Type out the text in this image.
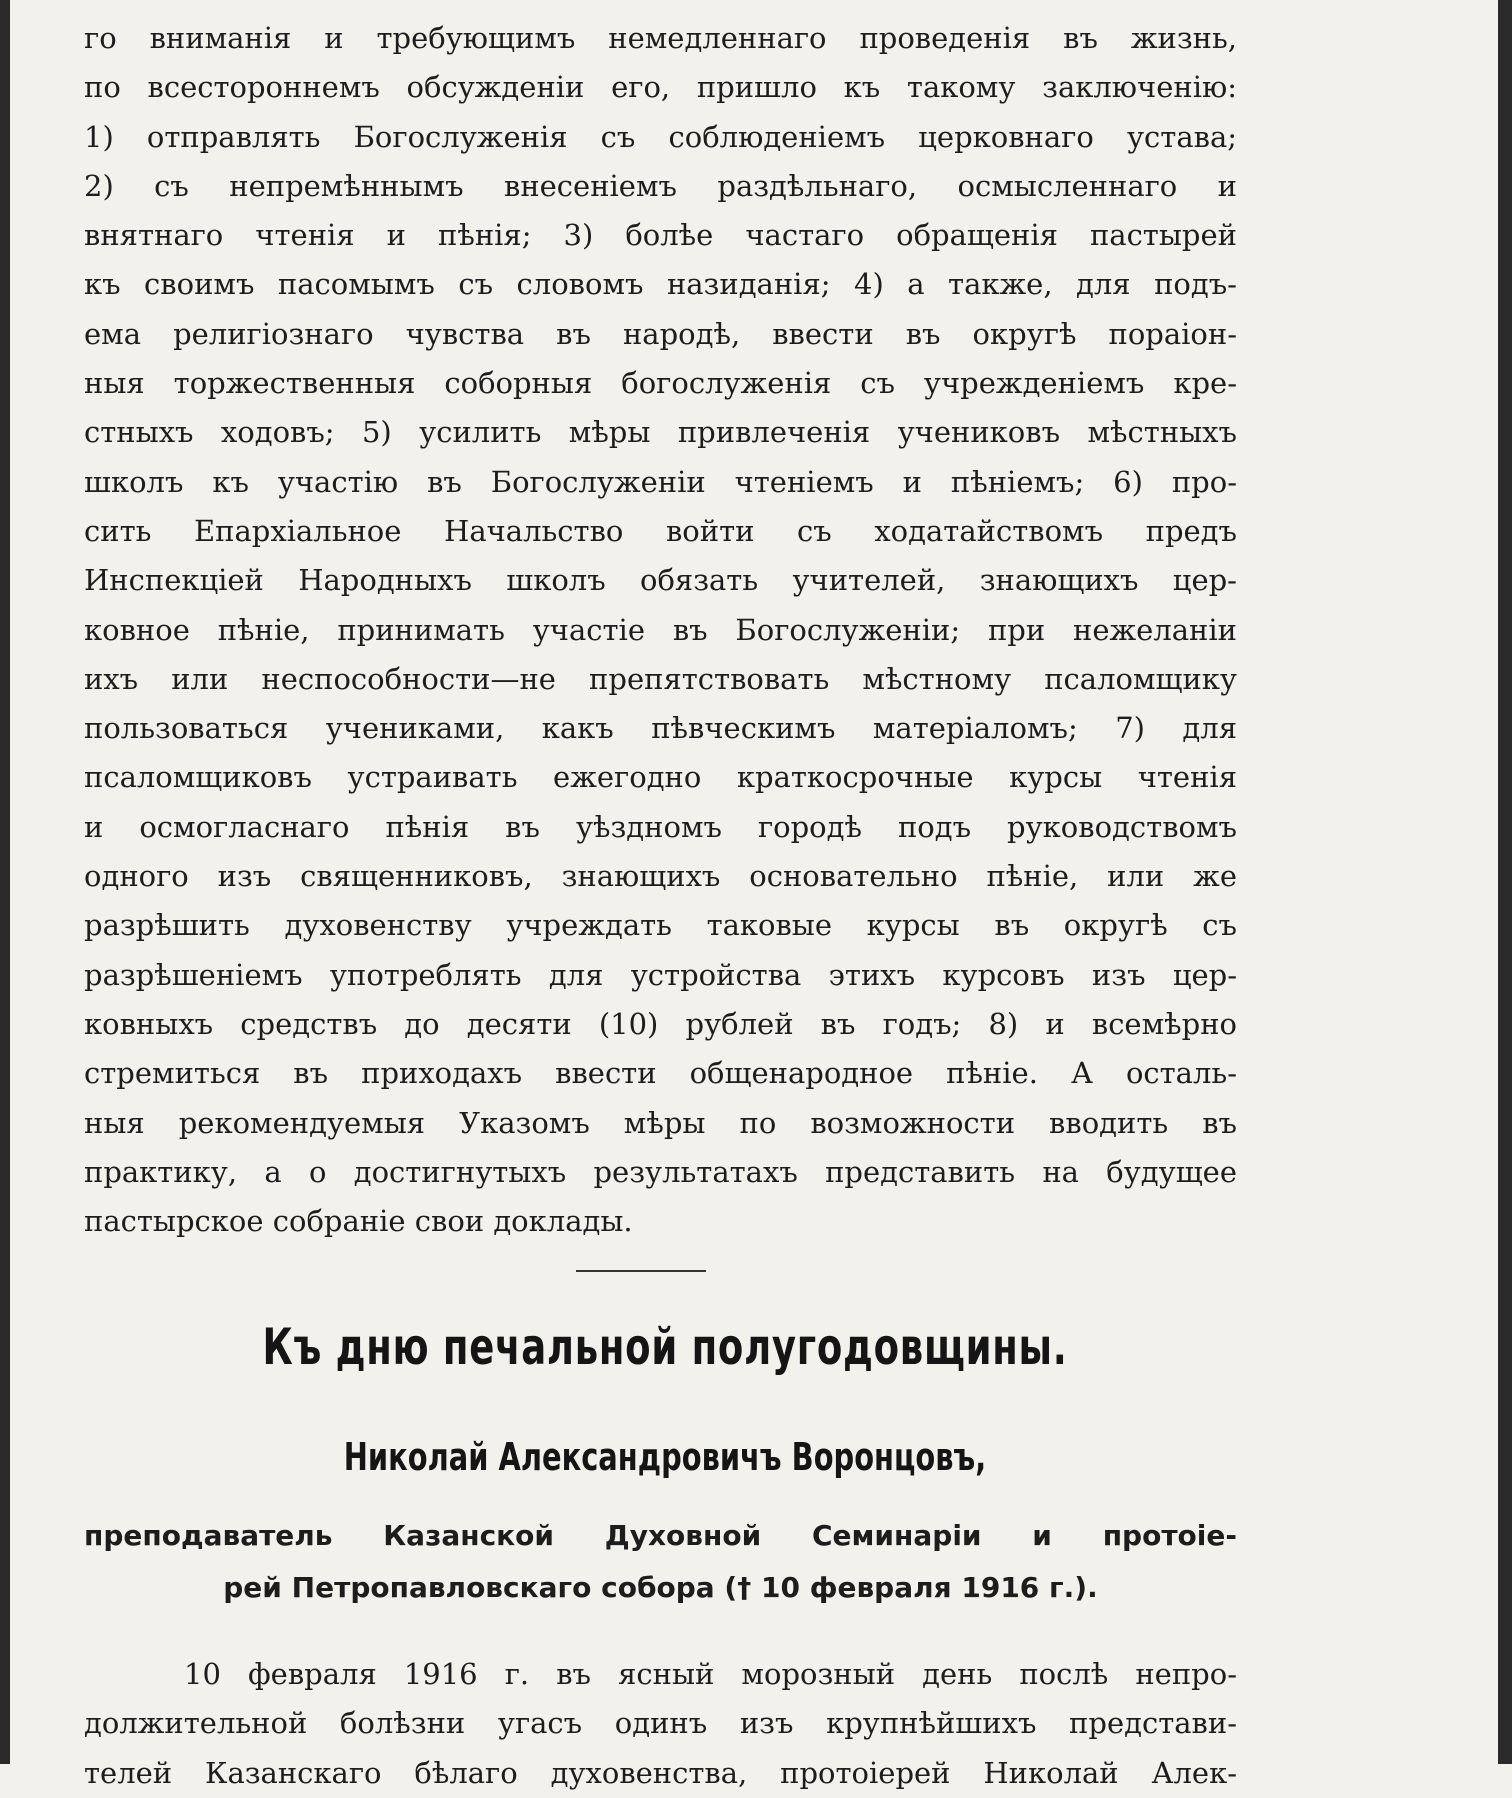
го вниманія и требующимъ немедленнаго проведенія въ жизнь,
по всестороннемъ обсужденіи его, пришло къ такому заключенію:
1) отправлять Богослуженія съ соблюденіемъ церковнаго устава;
2) съ непремѣннымъ внесеніемъ раздѣльнаго, осмысленнаго и
внятнаго чтенія и пѣнія; 3) болѣе частаго обращенія пастырей
къ своимъ пасомымъ съ словомъ назиданія; 4) а также, для подъ-
ема религіознаго чувства въ народѣ, ввести въ округѣ пораіон-
ныя торжественныя соборныя богослуженія съ учрежденіемъ кре-
стныхъ ходовъ; 5) усилить мѣры привлеченія учениковъ мѣстныхъ
школъ къ участію въ Богослуженіи чтеніемъ и пѣніемъ; 6) про-
сить Епархіальное Начальство войти съ ходатайствомъ предъ
Инспекціей Народныхъ школъ обязать учителей, знающихъ цер-
ковное пѣніе, принимать участіе въ Богослуженіи; при нежеланіи
ихъ или неспособности—не препятствовать мѣстному псаломщику
пользоваться учениками, какъ пѣвческимъ матеріаломъ; 7) для
псаломщиковъ устраивать ежегодно краткосрочные курсы чтенія
и осмогласнаго пѣнія въ уѣздномъ городѣ подъ руководствомъ
одного изъ священниковъ, знающихъ основательно пѣніе, или же
разрѣшить духовенству учреждать таковые курсы въ округѣ съ
разрѣшеніемъ употреблять для устройства этихъ курсовъ изъ цер-
ковныхъ средствъ до десяти (10) рублей въ годъ; 8) и всемѣрно
стремиться въ приходахъ ввести общенародное пѣніе. А осталь-
ныя рекомендуемыя Указомъ мѣры по возможности вводить въ
практику, а о достигнутыхъ результатахъ представить на будущее
пастырское собраніе свои доклады.
Къ дню печальной полугодовщины.
Николай Александровичъ Воронцовъ,
преподаватель Казанской Духовной Семинаріи и протоіе-
рей Петропавловскаго собора († 10 февраля 1916 г.).
10 февраля 1916 г. въ ясный морозный день послѣ непро-
должительной болѣзни угасъ одинъ изъ крупнѣйшихъ представи-
телей Казанскаго бѣлаго духовенства, протоіерей Николай Алек-
